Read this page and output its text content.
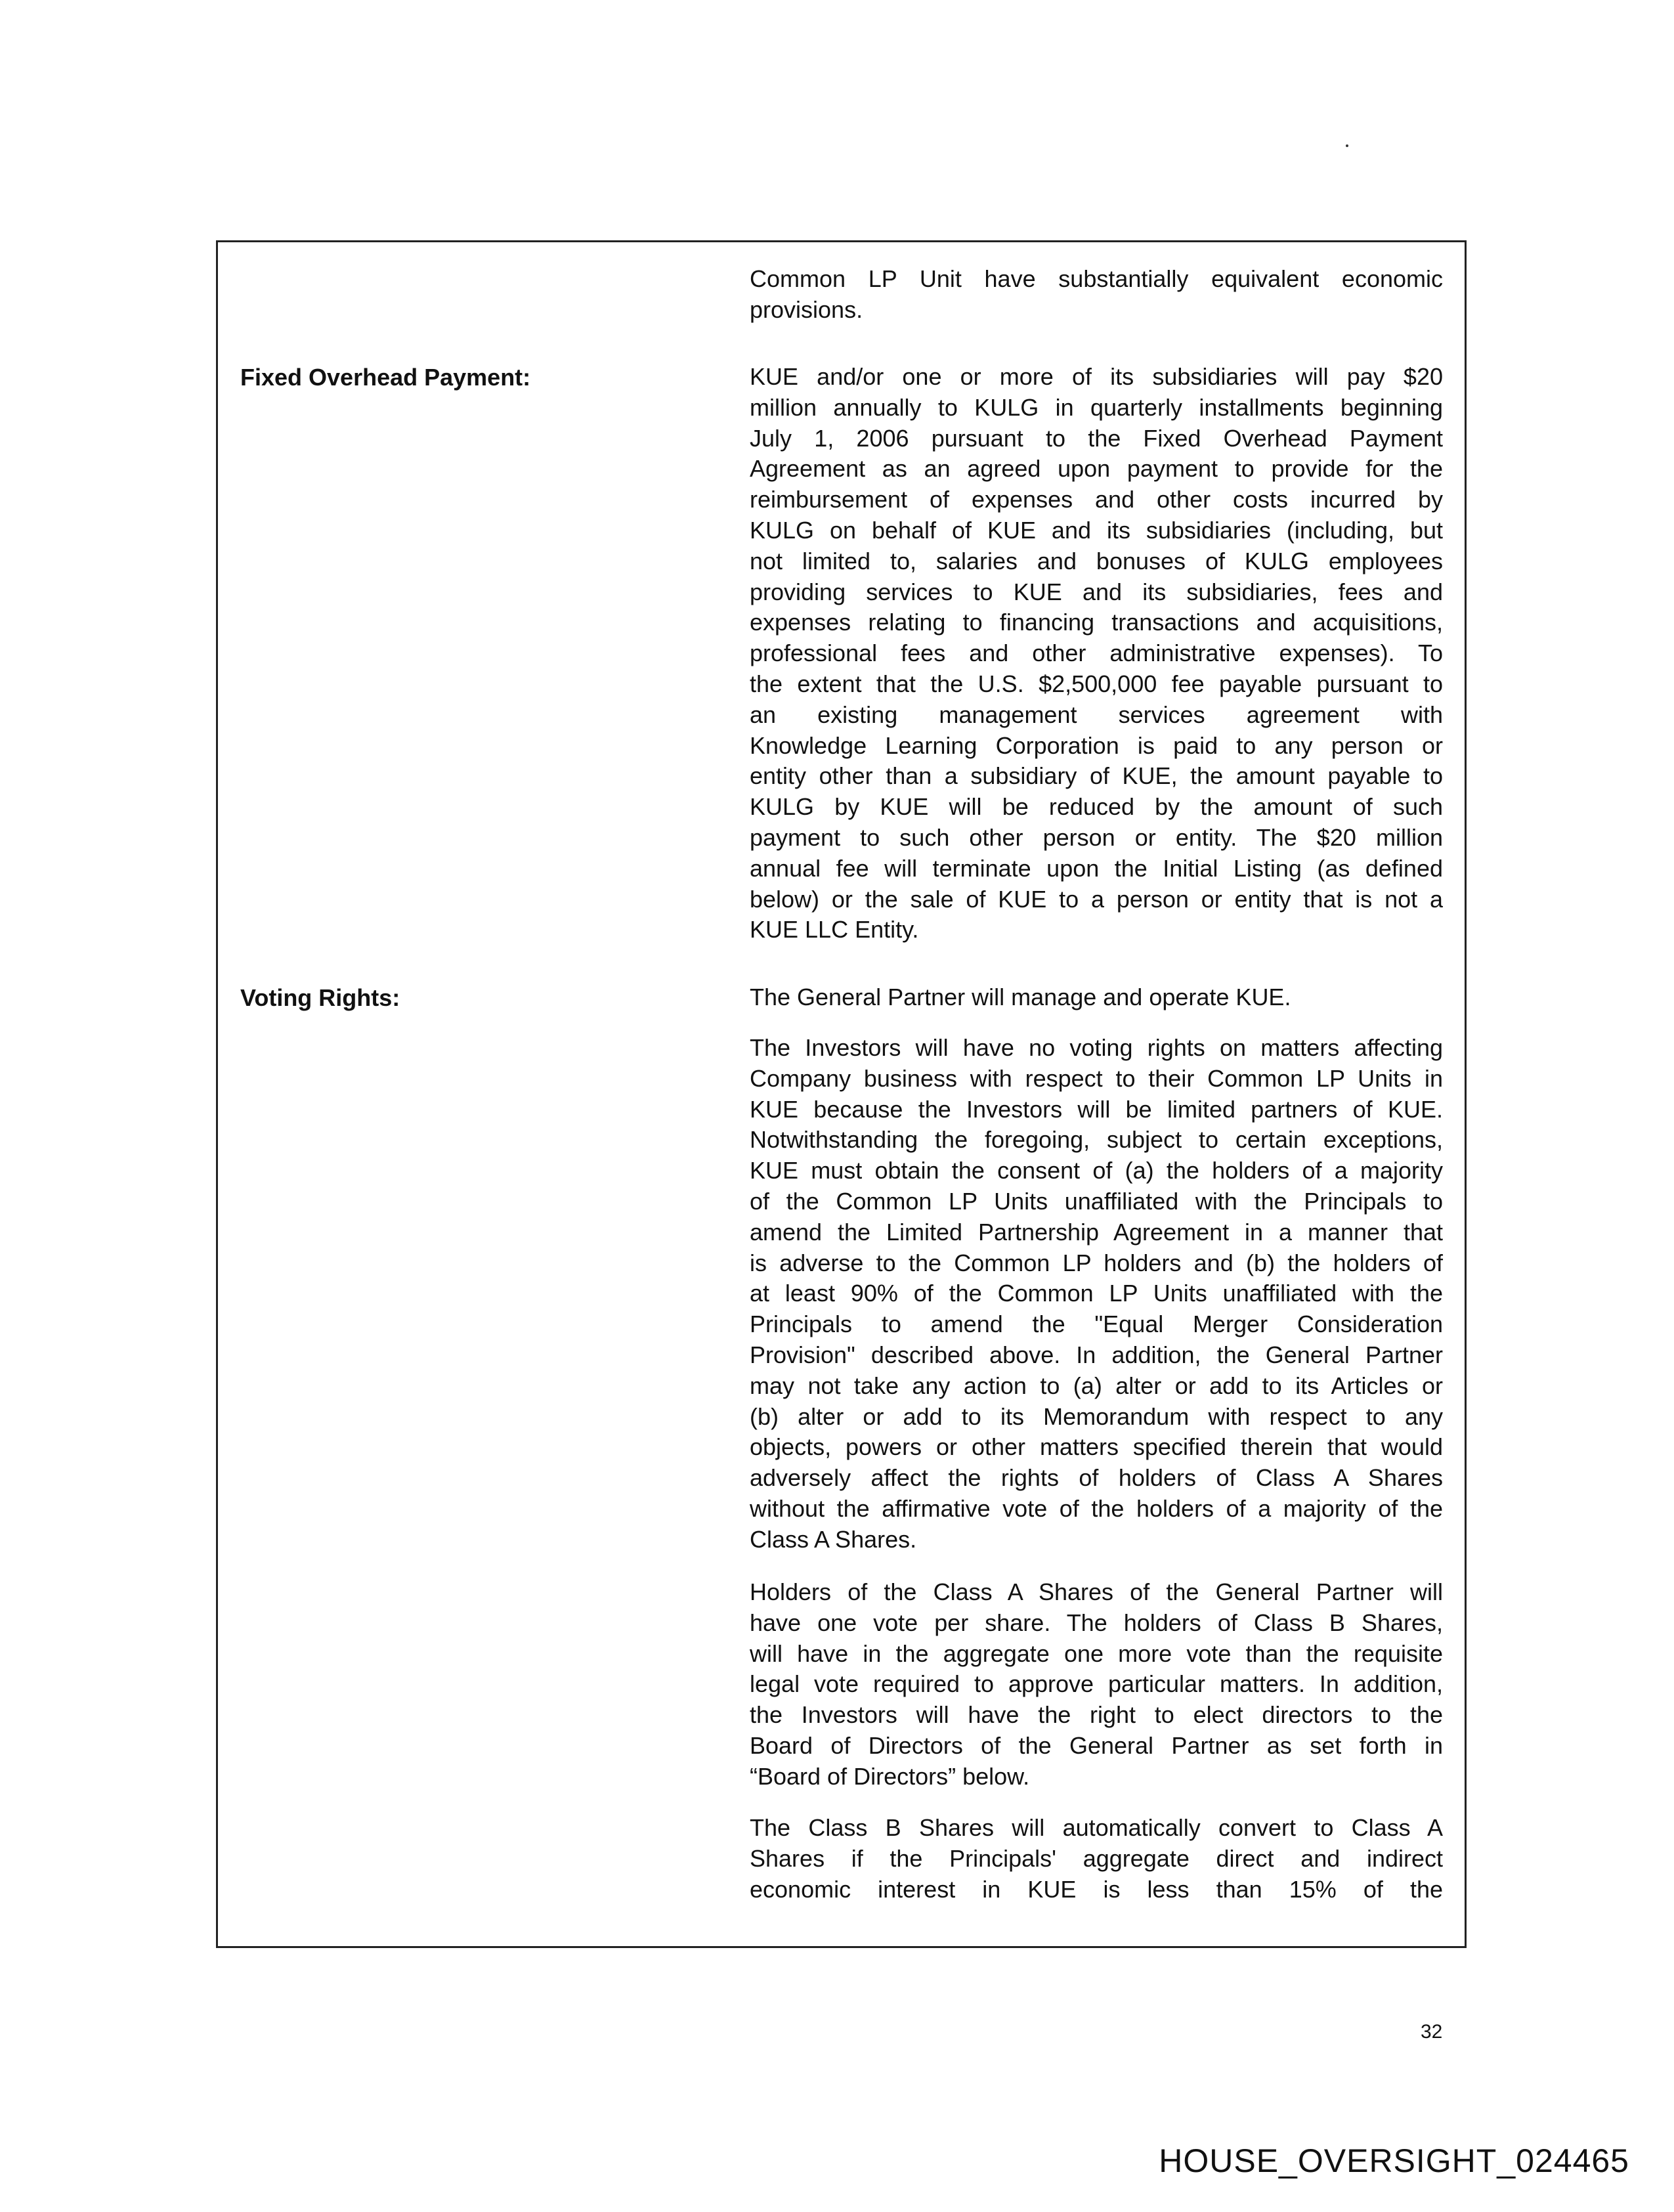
Fixed Overhead Payment:
Voting Rights:
Common LP Unit have substantially equivalent economic
provisions.
KUE and/or one or more of its subsidiaries will pay $20
million annually to KULG in quarterly installments beginning
July 1, 2006 pursuant to the Fixed Overhead Payment
Agreement as an agreed upon payment to provide for the
reimbursement of expenses and other costs incurred by
KULG on behalf of KUE and its subsidiaries (including, but
not limited to, salaries and bonuses of KULG employees
providing services to KUE and its subsidiaries, fees and
expenses relating to financing transactions and acquisitions,
professional fees and other administrative expenses). To
the extent that the U.S. $2,500,000 fee payable pursuant to
an existing management services agreement with
Knowledge Learning Corporation is paid to any person or
entity other than a subsidiary of KUE, the amount payable to
KULG by KUE will be reduced by the amount of such
payment to such other person or entity. The $20 million
annual fee will terminate upon the Initial Listing (as defined
below) or the sale of KUE to a person or entity that is not a
KUE LLC Entity.
The General Partner will manage and operate KUE.
The Investors will have no voting rights on matters affecting
Company business with respect to their Common LP Units in
KUE because the Investors will be limited partners of KUE.
Notwithstanding the foregoing, subject to certain exceptions,
KUE must obtain the consent of (a) the holders of a majority
of the Common LP Units unaffiliated with the Principals to
amend the Limited Partnership Agreement in a manner that
is adverse to the Common LP holders and (b) the holders of
at least 90% of the Common LP Units unaffiliated with the
Principals to amend the "Equal Merger Consideration
Provision" described above. In addition, the General Partner
may not take any action to (a) alter or add to its Articles or
(b) alter or add to its Memorandum with respect to any
objects, powers or other matters specified therein that would
adversely affect the rights of holders of Class A Shares
without the affirmative vote of the holders of a majority of the
Class A Shares.
Holders of the Class A Shares of the General Partner will
have one vote per share. The holders of Class B Shares,
will have in the aggregate one more vote than the requisite
legal vote required to approve particular matters. In addition,
the Investors will have the right to elect directors to the
Board of Directors of the General Partner as set forth in
“Board of Directors” below.
The Class B Shares will automatically convert to Class A
Shares if the Principals' aggregate direct and indirect
economic interest in KUE is less than 15% of the
32
HOUSE_OVERSIGHT_024465
